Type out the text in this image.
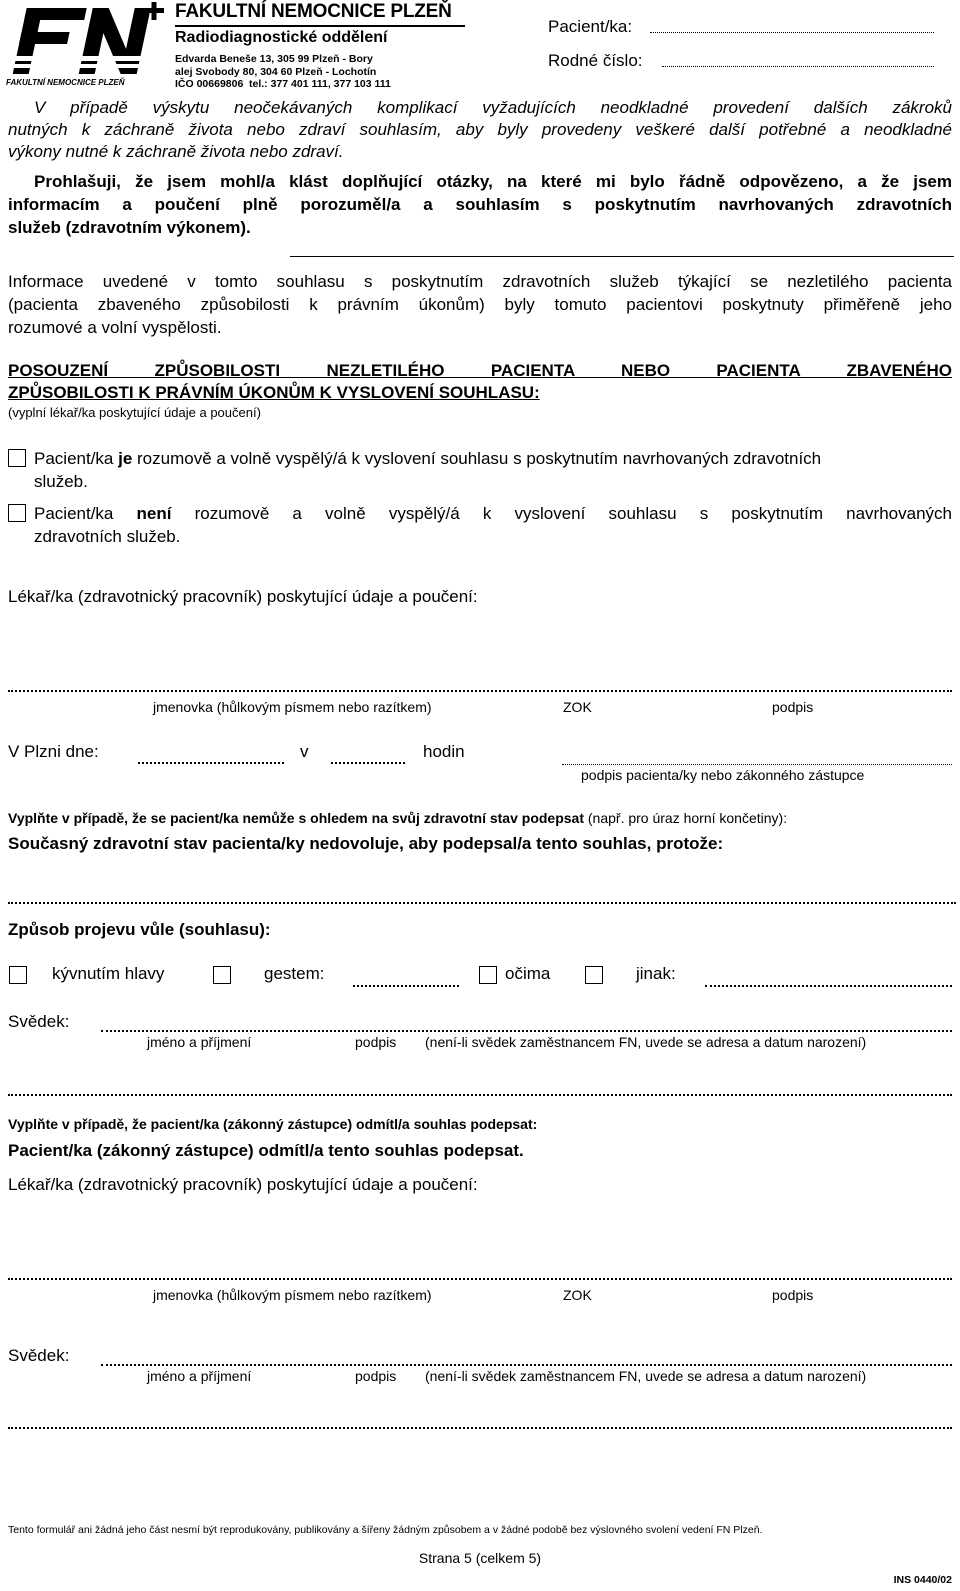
FAKULTNÍ NEMOCNICE PLZEŇ
FAKULTNÍ NEMOCNICE PLZEŇ
Radiodiagnostické oddělení
Edvarda Beneše 13, 305 99 Plzeň - Bory
alej Svobody 80, 304 60 Plzeň - Lochotín
IČO 00669806 tel.: 377 401 111, 377 103 111
Pacient/ka:
Rodné číslo:
V případě výskytu neočekávaných komplikací vyžadujících neodkladné provedení dalších zákroků
nutných k záchraně života nebo zdraví souhlasím, aby byly provedeny veškeré další potřebné a neodkladné
výkony nutné k záchraně života nebo zdraví.
Prohlašuji, že jsem mohl/a klást doplňující otázky, na které mi bylo řádně odpovězeno, a že jsem
informacím a poučení plně porozuměl/a a souhlasím s poskytnutím navrhovaných zdravotních
služeb (zdravotním výkonem).
Informace uvedené v tomto souhlasu s poskytnutím zdravotních služeb týkající se nezletilého pacienta
(pacienta zbaveného způsobilosti k právním úkonům) byly tomuto pacientovi poskytnuty přiměřeně jeho
rozumové a volní vyspělosti.
POSOUZENÍ ZPŮSOBILOSTI NEZLETILÉHO PACIENTA NEBO PACIENTA ZBAVENÉHO
ZPŮSOBILOSTI K PRÁVNÍM ÚKONŮM K VYSLOVENÍ SOUHLASU:
(vyplní lékař/ka poskytující údaje a poučení)
Pacient/ka je rozumově a volně vyspělý/á k vyslovení souhlasu s poskytnutím navrhovaných zdravotních
služeb.
Pacient/ka není rozumově a volně vyspělý/á k vyslovení souhlasu s poskytnutím navrhovaných
zdravotních služeb.
Lékař/ka (zdravotnický pracovník) poskytující údaje a poučení:
jmenovka (hůlkovým písmem nebo razítkem)	ZOK	podpis
V Plzni dne:	v	hodin
podpis pacienta/ky nebo zákonného zástupce
Vyplňte v případě, že se pacient/ka nemůže s ohledem na svůj zdravotní stav podepsat (např. pro úraz horní končetiny):
Současný zdravotní stav pacienta/ky nedovoluje, aby podepsal/a tento souhlas, protože:
Způsob projevu vůle (souhlasu):
kývnutím hlavy	gestem:	očima	jinak:
Svědek:
jméno a příjmení	podpis (není-li svědek zaměstnancem FN, uvede se adresa a datum narození)
Vyplňte v případě, že pacient/ka (zákonný zástupce) odmítl/a souhlas podepsat:
Pacient/ka (zákonný zástupce) odmítl/a tento souhlas podepsat.
Lékař/ka (zdravotnický pracovník) poskytující údaje a poučení:
jmenovka (hůlkovým písmem nebo razítkem)	ZOK	podpis
Svědek:
jméno a příjmení	podpis (není-li svědek zaměstnancem FN, uvede se adresa a datum narození)
Tento formulář ani žádná jeho část nesmí být reprodukovány, publikovány a šířeny žádným způsobem a v žádné podobě bez výslovného svolení vedení FN Plzeň.
Strana 5 (celkem 5)
INS 0440/02
